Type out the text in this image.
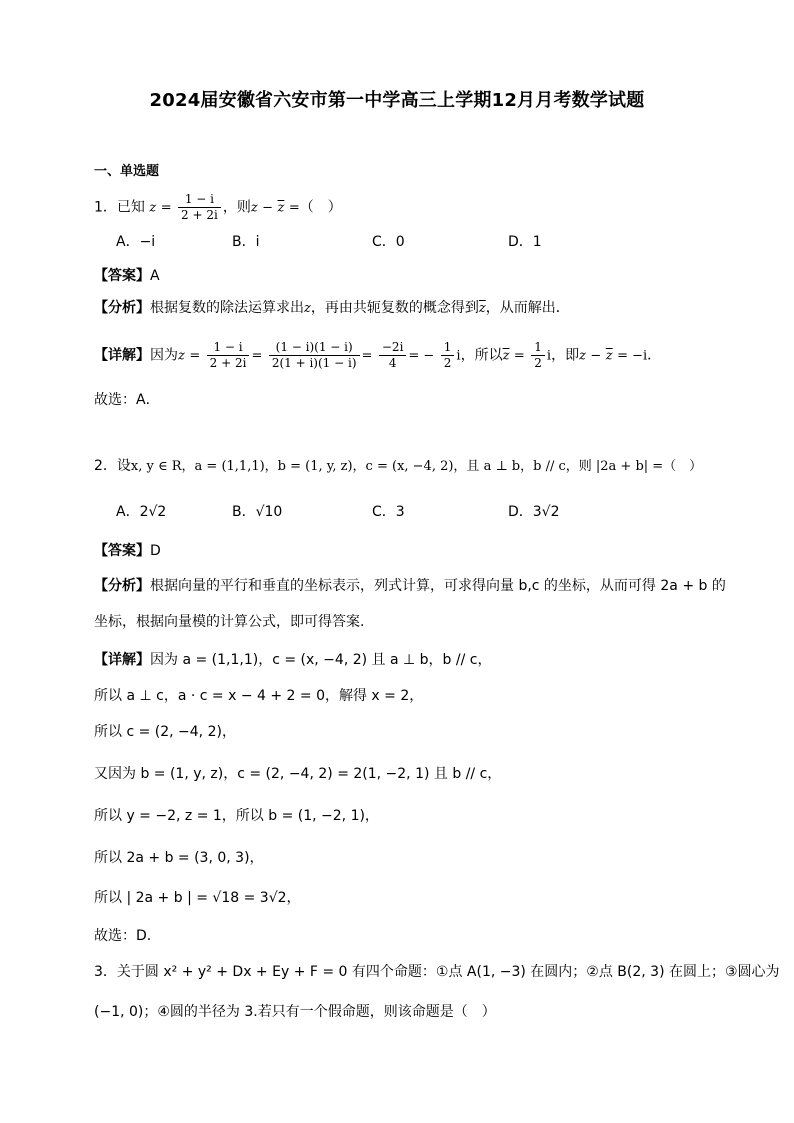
2024届安徽省六安市第一中学高三上学期12月月考数学试题
一、单选题
1．已知 $z = \frac{1 - i}{2 + 2i}$ ，则$z - \overline{z}$ =（　）
A．−i	B．i	C．0	D．1
【答案】A
【分析】根据复数的除法运算求出z，再由共轭复数的概念得到$\overline{z}$，从而解出．
【详解】因为$z = \frac{1 - i}{2 + 2i} = \frac{(1 - i)(1 - i)}{2(1 + i)(1 - i)} = \frac{-2i}{4}$ = − $\frac{1}{2}$ i，所以$\overline{z} = \frac{1}{2}$ i，即$z - \overline{z} = -i$．
故选：A．
2．设x, y ∈ R，a = (1,1,1)，b = (1, y, z)，c = (x, −4, 2)，且 a ⊥ b，b // c，则 |2a + b| =（　）
A．2√2	B．√10	C．3	D．3√2
【答案】D
【分析】根据向量的平行和垂直的坐标表示，列式计算，可求得向量 b,c 的坐标，从而可得 2a + b 的
坐标，根据向量模的计算公式，即可得答案.
【详解】因为 a = (1,1,1)，c = (x, −4, 2) 且 a ⊥ b，b // c，
所以 a ⊥ c，a · c = x − 4 + 2 = 0，解得 x = 2，
所以 c = (2, −4, 2)，
又因为 b = (1, y, z)，c = (2, −4, 2) = 2(1, −2, 1) 且 b // c，
所以 y = −2, z = 1，所以 b = (1, −2, 1)，
所以 2a + b = (3, 0, 3)，
所以 | 2a + b | = √18 = 3√2，
故选：D.
3．关于圆 x² + y² + Dx + Ey + F = 0 有四个命题：①点 A(1, −3) 在圆内；②点 B(2, 3) 在圆上；③圆心为
(−1, 0)；④圆的半径为 3.若只有一个假命题，则该命题是（　）
